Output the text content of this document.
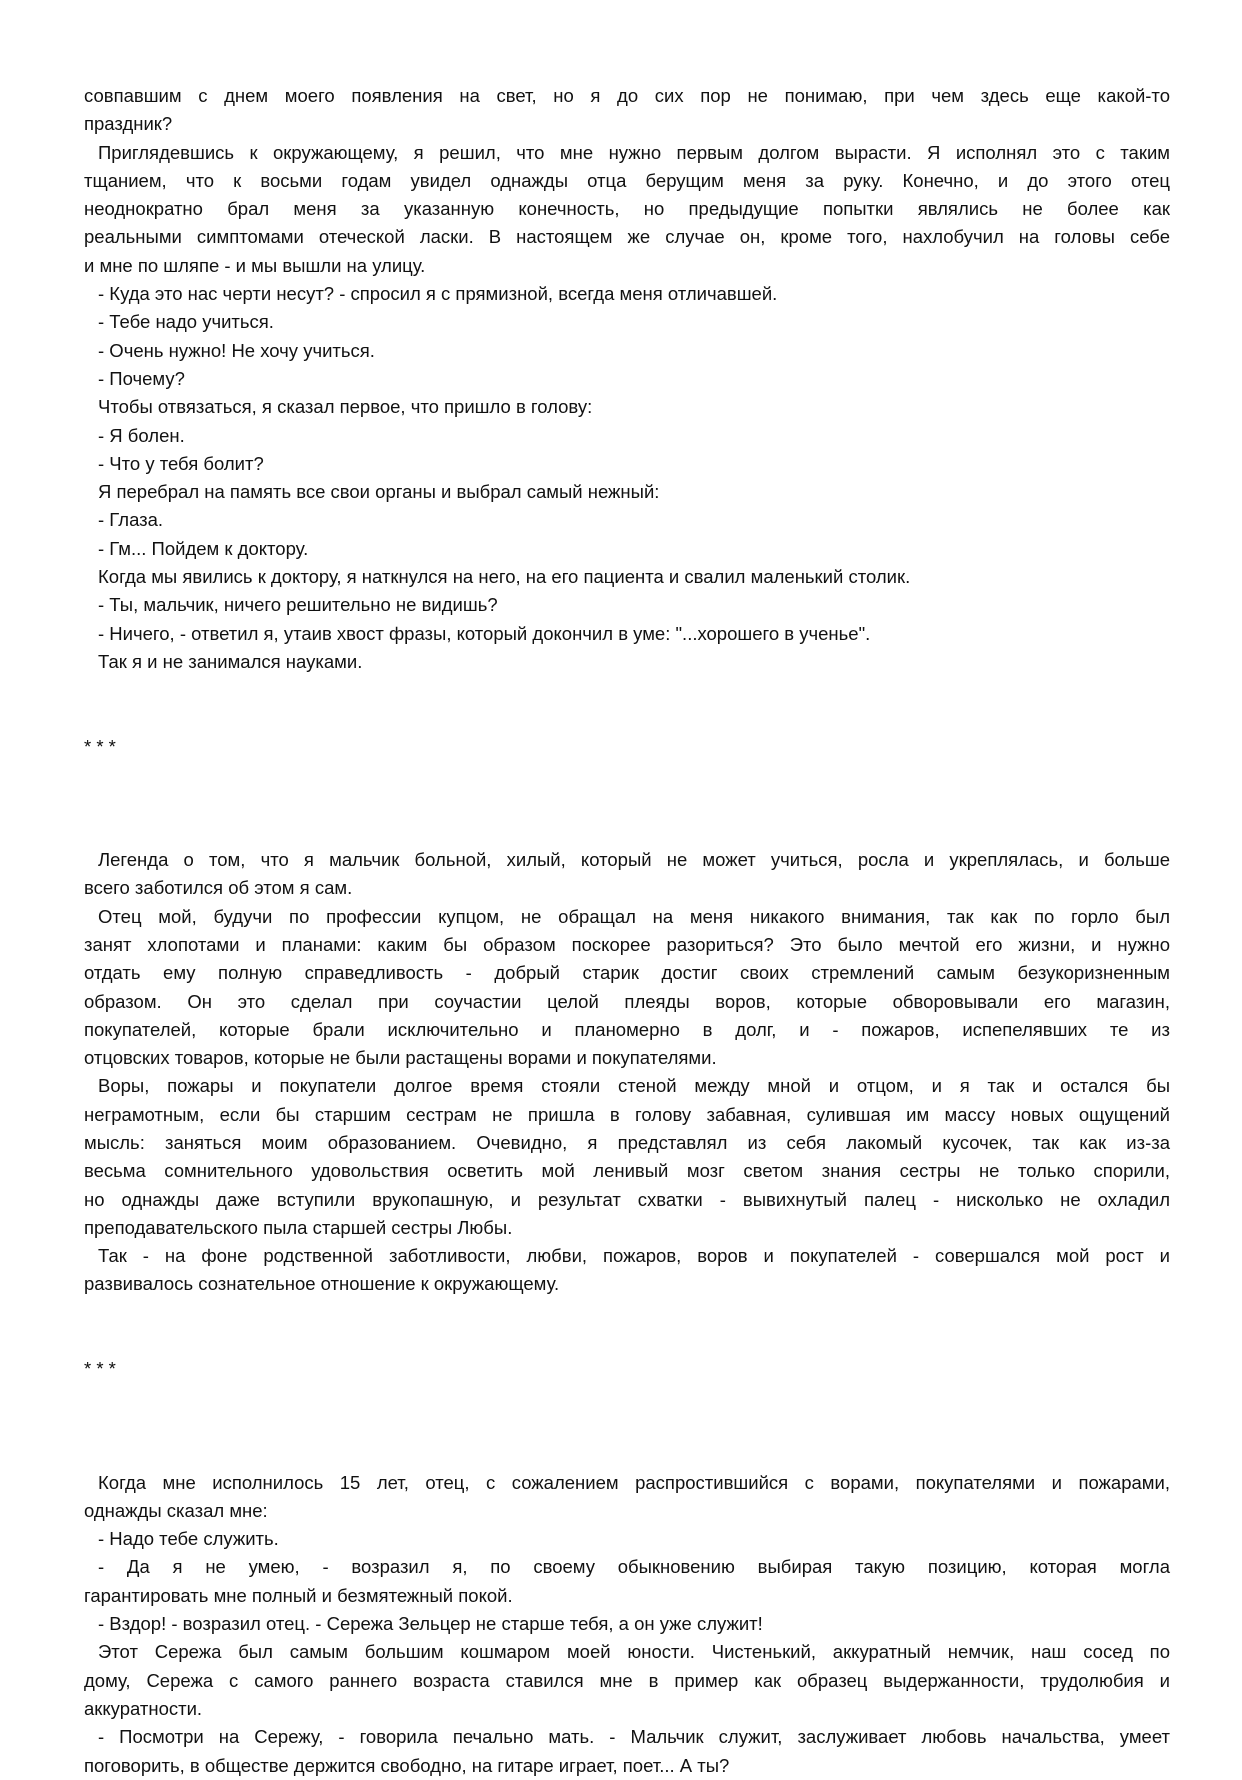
совпавшим с днем моего появления на свет, но я до сих пор не понимаю, при чем здесь еще какой-то
праздник?
Приглядевшись к окружающему, я решил, что мне нужно первым долгом вырасти. Я исполнял это с таким
тщанием, что к восьми годам увидел однажды отца берущим меня за руку. Конечно, и до этого отец
неоднократно брал меня за указанную конечность, но предыдущие попытки являлись не более как
реальными симптомами отеческой ласки. В настоящем же случае он, кроме того, нахлобучил на головы себе
и мне по шляпе - и мы вышли на улицу.
- Куда это нас черти несут? - спросил я с прямизной, всегда меня отличавшей.
- Тебе надо учиться.
- Очень нужно! Не хочу учиться.
- Почему?
Чтобы отвязаться, я сказал первое, что пришло в голову:
- Я болен.
- Что у тебя болит?
Я перебрал на память все свои органы и выбрал самый нежный:
- Глаза.
- Гм... Пойдем к доктору.
Когда мы явились к доктору, я наткнулся на него, на его пациента и свалил маленький столик.
- Ты, мальчик, ничего решительно не видишь?
- Ничего, - ответил я, утаив хвост фразы, который докончил в уме: "...хорошего в ученье".
Так я и не занимался науками.
* * *
Легенда о том, что я мальчик больной, хилый, который не может учиться, росла и укреплялась, и больше
всего заботился об этом я сам.
Отец мой, будучи по профессии купцом, не обращал на меня никакого внимания, так как по горло был
занят хлопотами и планами: каким бы образом поскорее разориться? Это было мечтой его жизни, и нужно
отдать ему полную справедливость - добрый старик достиг своих стремлений самым безукоризненным
образом. Он это сделал при соучастии целой плеяды воров, которые обворовывали его магазин,
покупателей, которые брали исключительно и планомерно в долг, и - пожаров, испепелявших те из
отцовских товаров, которые не были растащены ворами и покупателями.
Воры, пожары и покупатели долгое время стояли стеной между мной и отцом, и я так и остался бы
неграмотным, если бы старшим сестрам не пришла в голову забавная, сулившая им массу новых ощущений
мысль: заняться моим образованием. Очевидно, я представлял из себя лакомый кусочек, так как из-за
весьма сомнительного удовольствия осветить мой ленивый мозг светом знания сестры не только спорили,
но однажды даже вступили врукопашную, и результат схватки - вывихнутый палец - нисколько не охладил
преподавательского пыла старшей сестры Любы.
Так - на фоне родственной заботливости, любви, пожаров, воров и покупателей - совершался мой рост и
развивалось сознательное отношение к окружающему.
* * *
Когда мне исполнилось 15 лет, отец, с сожалением распростившийся с ворами, покупателями и пожарами,
однажды сказал мне:
- Надо тебе служить.
- Да я не умею, - возразил я, по своему обыкновению выбирая такую позицию, которая могла
гарантировать мне полный и безмятежный покой.
- Вздор! - возразил отец. - Сережа Зельцер не старше тебя, а он уже служит!
Этот Сережа был самым большим кошмаром моей юности. Чистенький, аккуратный немчик, наш сосед по
дому, Сережа с самого раннего возраста ставился мне в пример как образец выдержанности, трудолюбия и
аккуратности.
- Посмотри на Сережу, - говорила печально мать. - Мальчик служит, заслуживает любовь начальства, умеет
поговорить, в обществе держится свободно, на гитаре играет, поет... А ты?
